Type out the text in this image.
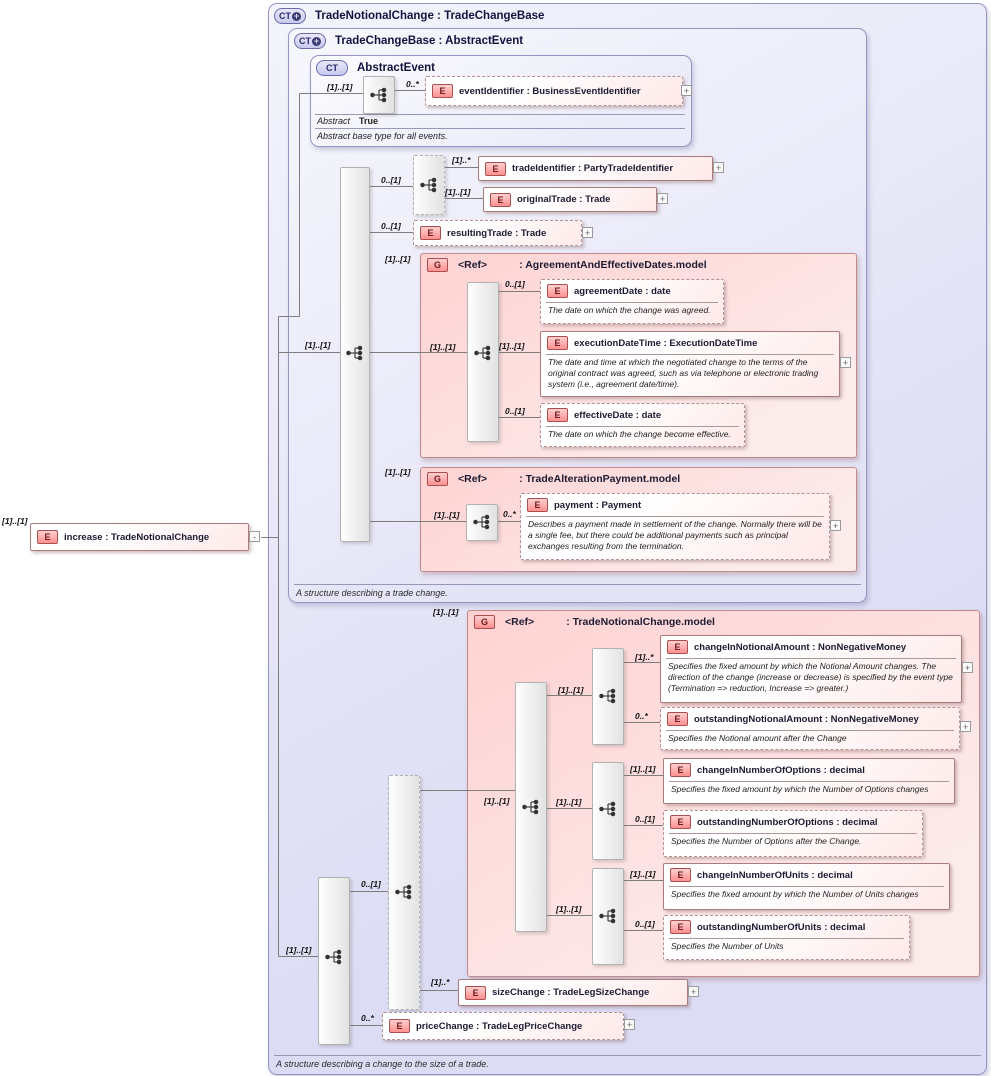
CT + TradeNotionalChange : TradeChangeBase
A structure describing a change to the size of a trade.
CT + TradeChangeBase : AbstractEvent
A structure describing a trade change.
CT AbstractEvent
Abstract True
Abstract base type for all events.
G	<Ref>	: AgreementAndEffectiveDates.model
G	<Ref>	: TradeAlterationPayment.model
G	<Ref>	: TradeNotionalChange.model
[1]..[1]
[1]..[1]	0..*
[1]..[1]
0..[1]
[1]..*
[1]..[1]
0..[1]
[1]..[1]
[1]..[1]
0..[1]
[1]..[1]
0..[1]
[1]..[1]
[1]..[1]	0..*
[1]..[1]
[1]..[1]
[1]..[1]
[1]..[1]
[1]..[1]
[1]..*
0..*
[1]..[1]
0..[1]
[1]..[1]
0..[1]
0..[1]
[1]..[1]
[1]..*
0..*
E	increase : TradeNotionalChange	-
E	eventIdentifier : BusinessEventIdentifier	+
E	tradeIdentifier : PartyTradeIdentifier	+
E	originalTrade : Trade	+
E	resultingTrade : Trade	+
E	agreementDate : date
The date on which the change was agreed.
E	executionDateTime : ExecutionDateTime
The date and time at which the negotiated change to the terms of the original contract was agreed, such as via telephone or electronic trading system (i.e., agreement date/time).
+
E	effectiveDate : date
The date on which the change become effective.
E	payment : Payment
Describes a payment made in settlement of the change. Normally there will be a single fee, but there could be additional payments such as principal exchanges resulting from the termination.
+
E	changeInNotionalAmount : NonNegativeMoney
Specifies the fixed amount by which the Notional Amount changes. The direction of the change (increase or decrease) is specified by the event type (Termination => reduction, Increase => greater.)
+
E	outstandingNotionalAmount : NonNegativeMoney
Specifies the Notional amount after the Change
+
E	changeInNumberOfOptions : decimal
Specifies the fixed amount by which the Number of Options changes
E	outstandingNumberOfOptions : decimal
Specifies the Number of Options after the Change.
E	changeInNumberOfUnits : decimal
Specifies the fixed amount by which the Number of Units changes
E	outstandingNumberOfUnits : decimal
Specifies the Number of Units
E	sizeChange : TradeLegSizeChange	+
E	priceChange : TradeLegPriceChange	+
